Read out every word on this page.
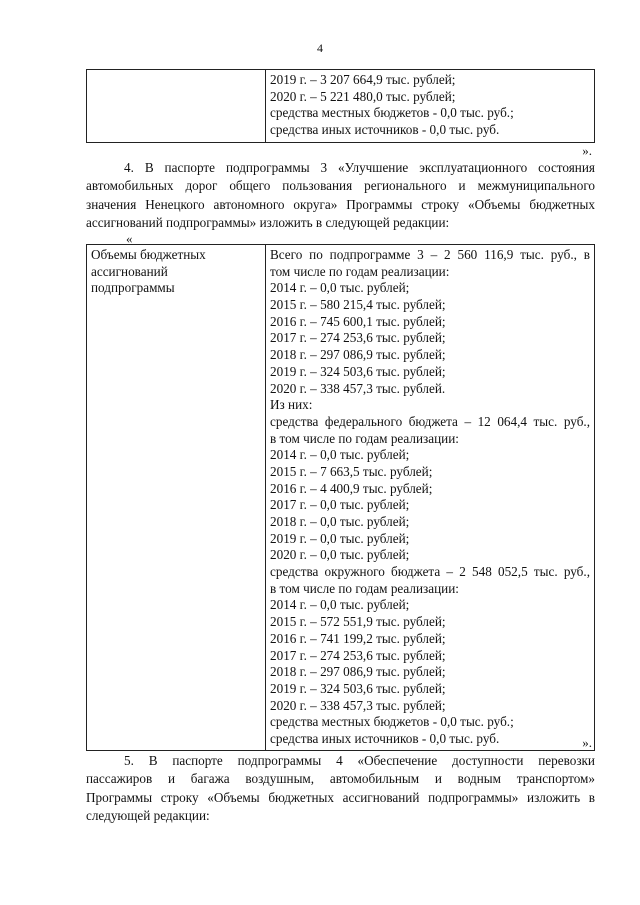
4

2019 г. – 3 207 664,9 тыс. рублей;
2020 г. – 5 221 480,0 тыс. рублей;
средства местных бюджетов - 0,0 тыс. руб.;
средства иных источников - 0,0 тыс. руб.
».
4. В паспорте подпрограммы 3 «Улучшение эксплуатационного состояния
автомобильных дорог общего пользования регионального и межмуниципального
значения Ненецкого автономного округа» Программы строку «Объемы бюджетных
ассигнований подпрограммы» изложить в следующей редакции:
«
Объемы бюджетных
ассигнований
подпрограммы

Всего по подпрограмме 3 – 2 560 116,9 тыс. руб., в
том числе по годам реализации:
2014 г. – 0,0 тыс. рублей;
2015 г. – 580 215,4 тыс. рублей;
2016 г. – 745 600,1 тыс. рублей;
2017 г. – 274 253,6 тыс. рублей;
2018 г. – 297 086,9 тыс. рублей;
2019 г. – 324 503,6 тыс. рублей;
2020 г. – 338 457,3 тыс. рублей.
Из них:
средства федерального бюджета – 12 064,4 тыс. руб.,
в том числе по годам реализации:
2014 г. – 0,0 тыс. рублей;
2015 г. – 7 663,5 тыс. рублей;
2016 г. – 4 400,9 тыс. рублей;
2017 г. – 0,0 тыс. рублей;
2018 г. – 0,0 тыс. рублей;
2019 г. – 0,0 тыс. рублей;
2020 г. – 0,0 тыс. рублей;
средства окружного бюджета – 2 548 052,5 тыс. руб.,
в том числе по годам реализации:
2014 г. – 0,0 тыс. рублей;
2015 г. – 572 551,9 тыс. рублей;
2016 г. – 741 199,2 тыс. рублей;
2017 г. – 274 253,6 тыс. рублей;
2018 г. – 297 086,9 тыс. рублей;
2019 г. – 324 503,6 тыс. рублей;
2020 г. – 338 457,3 тыс. рублей;
средства местных бюджетов - 0,0 тыс. руб.;
средства иных источников - 0,0 тыс. руб.	».
5. В паспорте подпрограммы 4 «Обеспечение доступности перевозки
пассажиров и багажа воздушным, автомобильным и водным транспортом»
Программы строку «Объемы бюджетных ассигнований подпрограммы» изложить в
следующей редакции:
